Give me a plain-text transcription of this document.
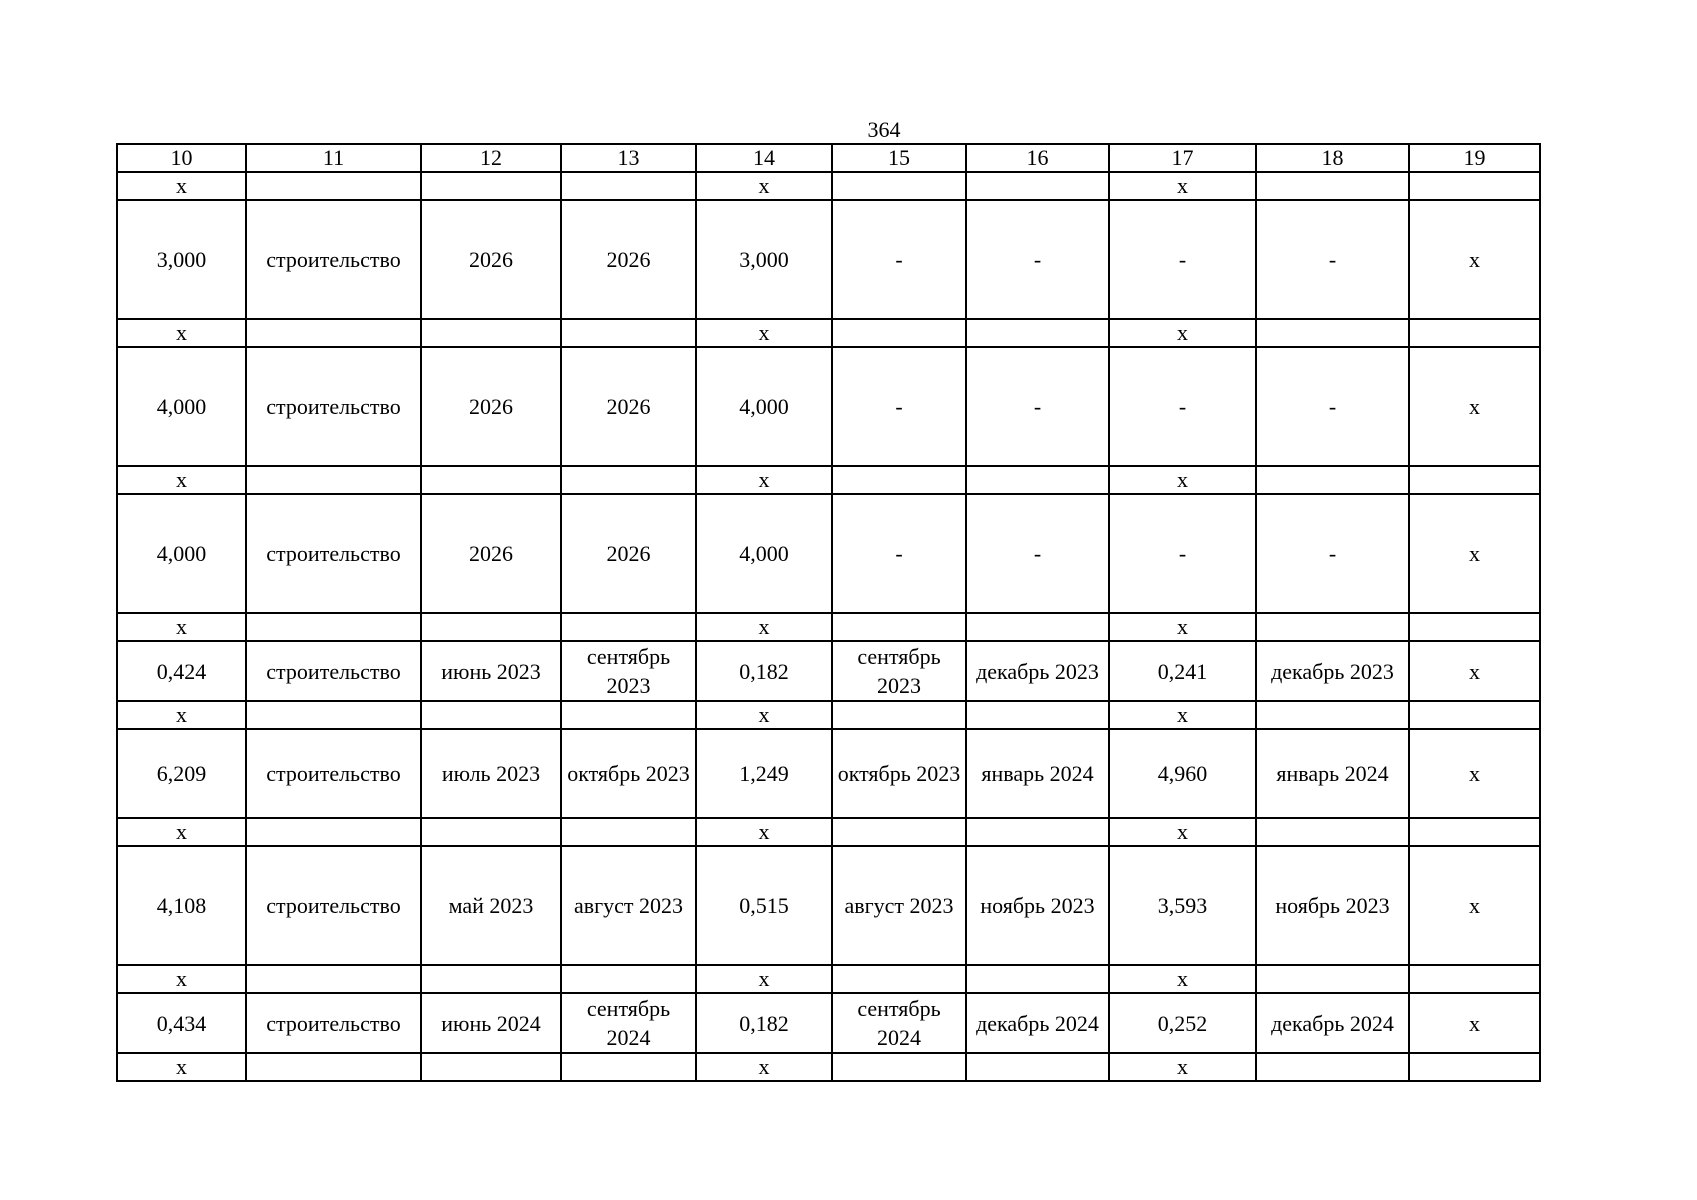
364
10	11	12	13	14	15	16	17	18	19
x				x			x		
3,000	строительство	2026	2026	3,000	-	-	-	-	x
x				x			x		
4,000	строительство	2026	2026	4,000	-	-	-	-	x
x				x			x		
4,000	строительство	2026	2026	4,000	-	-	-	-	x
x				x			x		
0,424	строительство	июнь 2023	сентябрь 2023	0,182	сентябрь 2023	декабрь 2023	0,241	декабрь 2023	x
x				x			x		
6,209	строительство	июль 2023	октябрь 2023	1,249	октябрь 2023	январь 2024	4,960	январь 2024	x
x				x			x		
4,108	строительство	май 2023	август 2023	0,515	август 2023	ноябрь 2023	3,593	ноябрь 2023	x
x				x			x		
0,434	строительство	июнь 2024	сентябрь 2024	0,182	сентябрь 2024	декабрь 2024	0,252	декабрь 2024	x
x				x			x		
